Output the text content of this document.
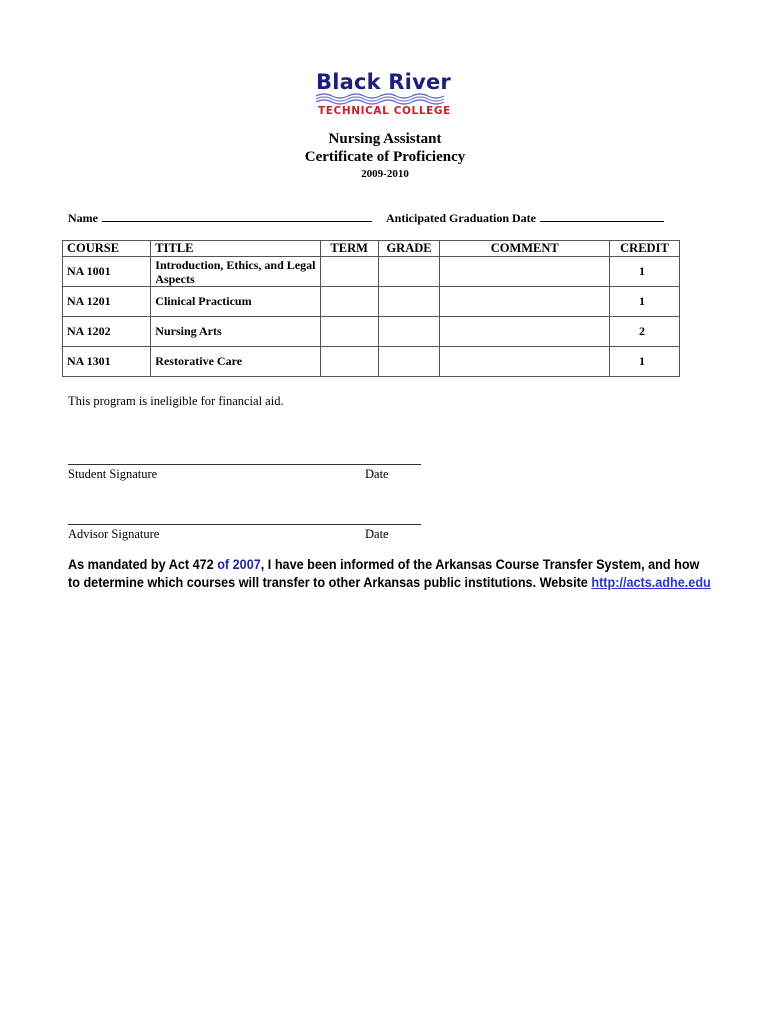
Black River
TECHNICAL COLLEGE
Nursing Assistant
Certificate of Proficiency
2009-2010
Name	Anticipated Graduation Date
COURSE	TITLE	TERM	GRADE	COMMENT	CREDIT
NA 1001	Introduction, Ethics, and Legal Aspects				1
NA 1201	Clinical Practicum				1
NA 1202	Nursing Arts				2
NA 1301	Restorative Care				1
This program is ineligible for financial aid.
Student Signature	Date
Advisor Signature	Date
As mandated by Act 472 of 2007, I have been informed of the Arkansas Course Transfer System, and how
to determine which courses will transfer to other Arkansas public institutions. Website http://acts.adhe.edu
